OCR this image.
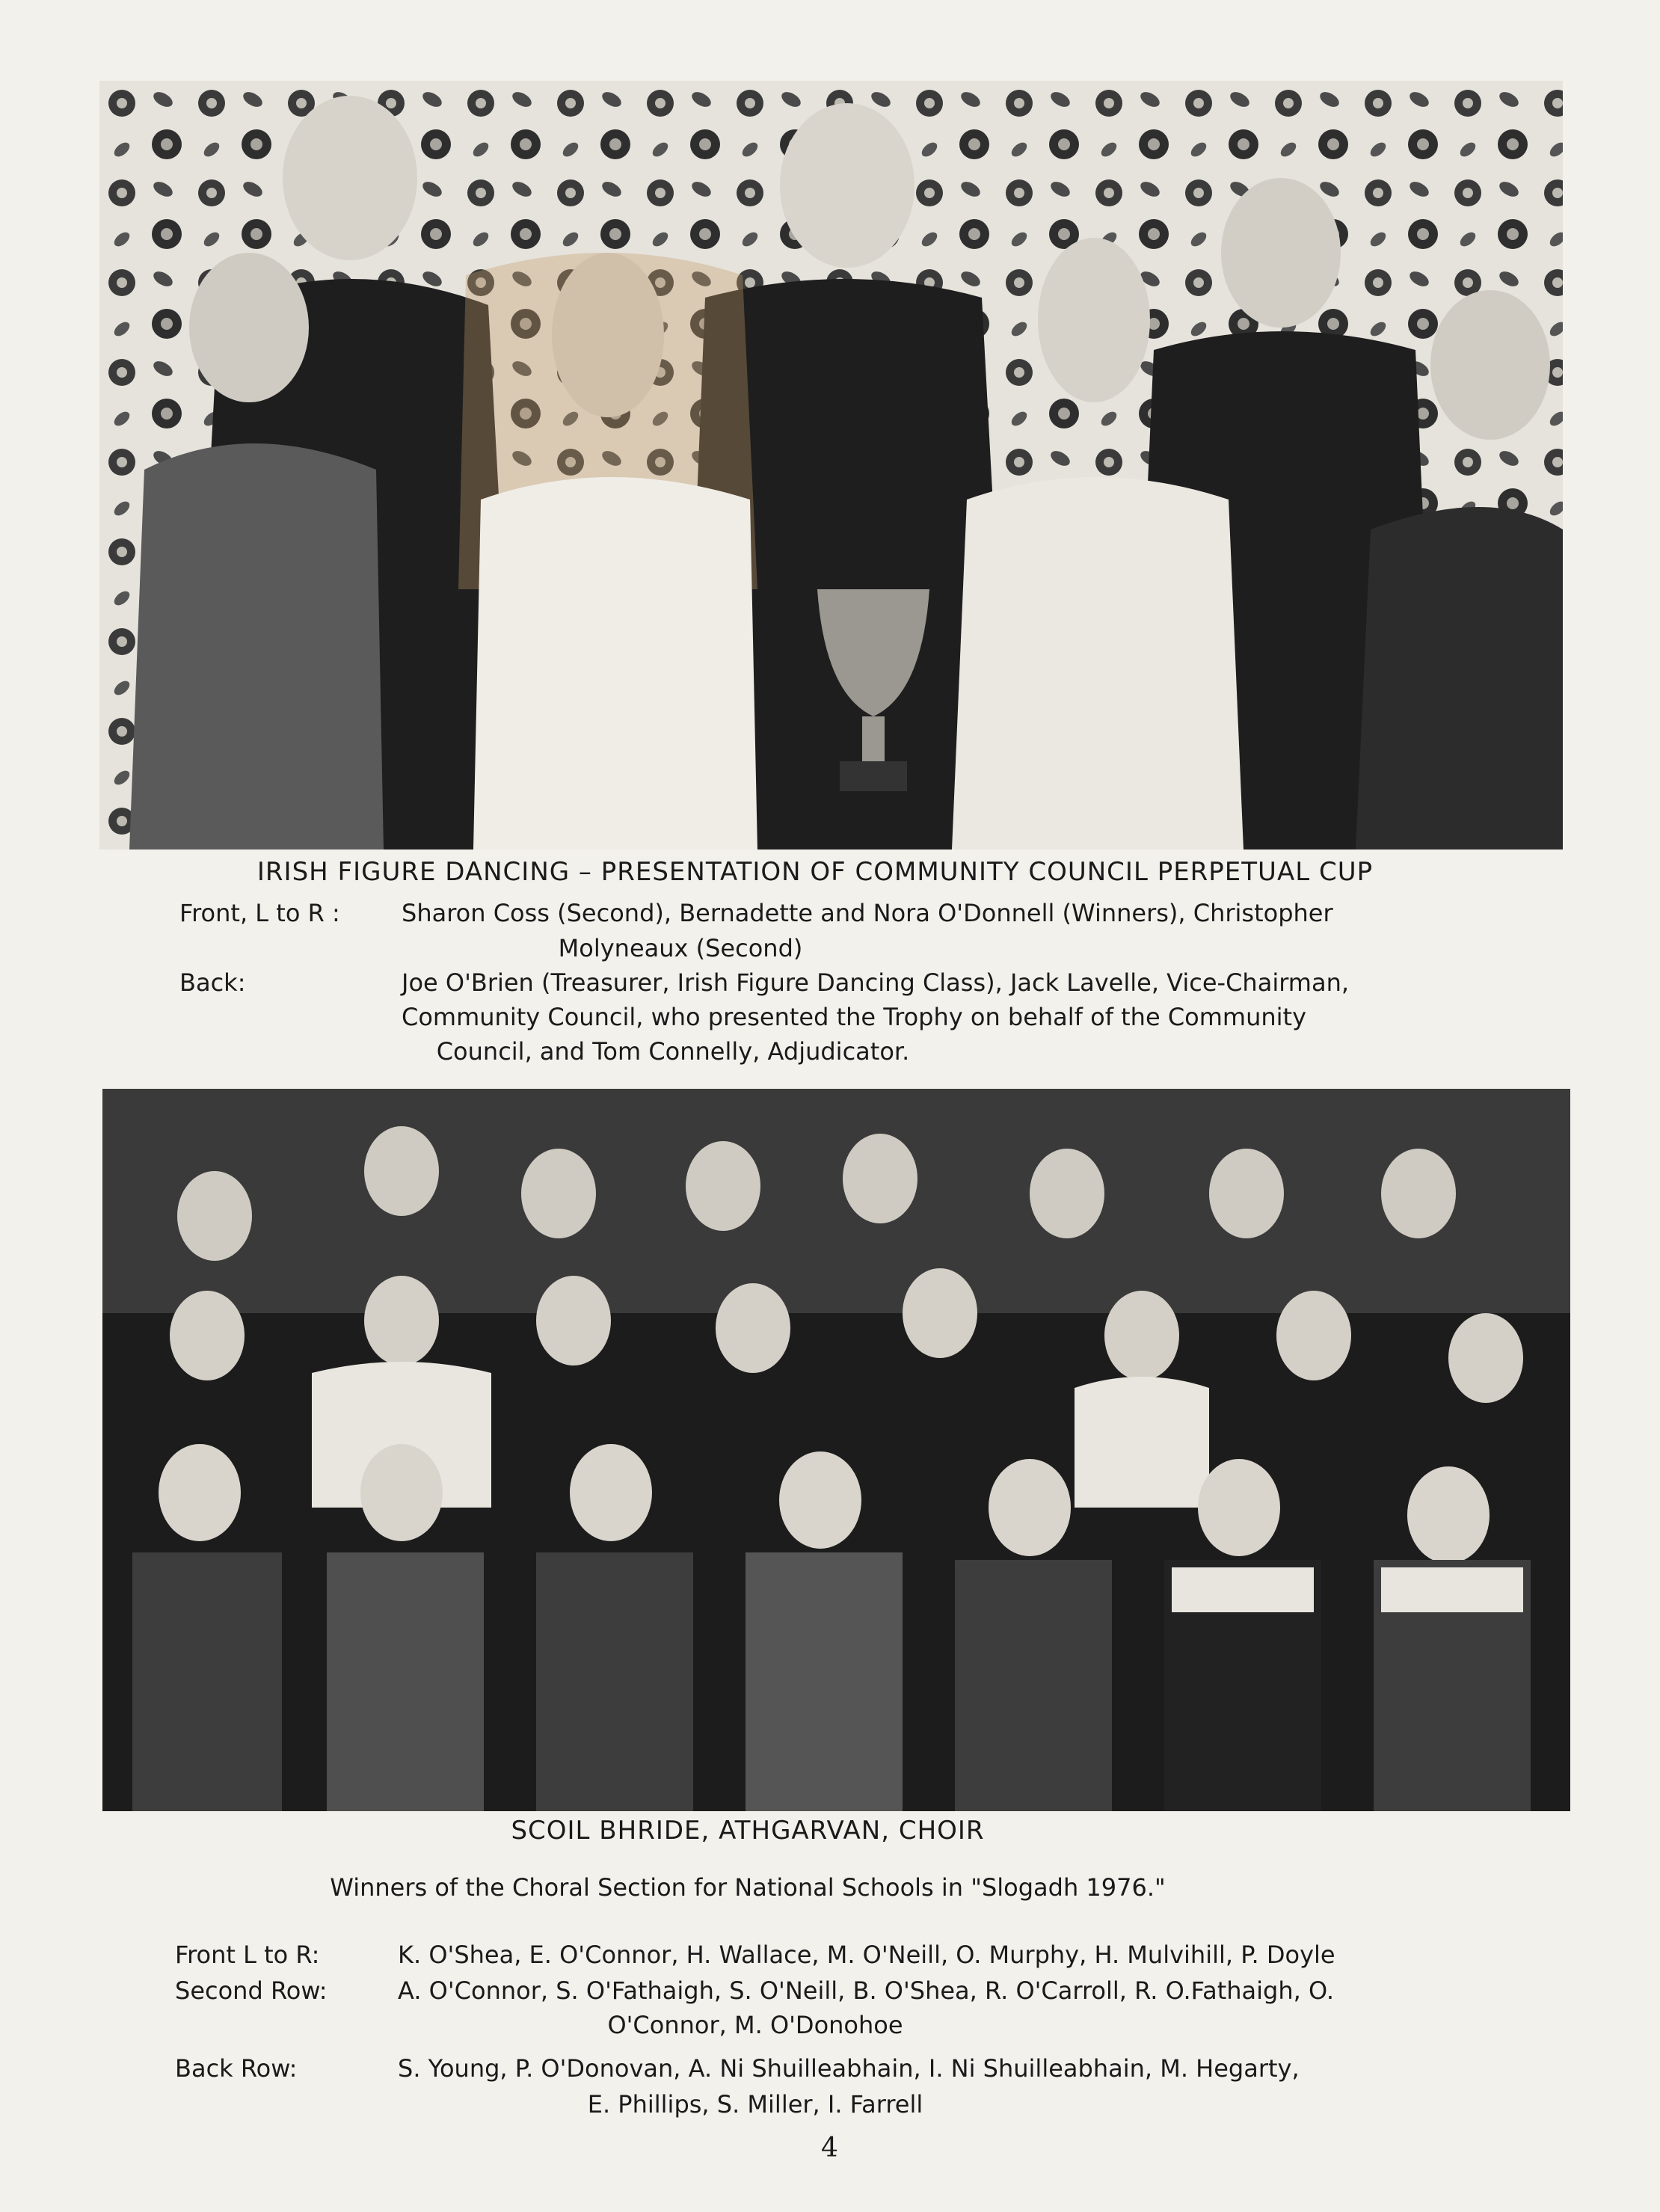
IRISH FIGURE DANCING – PRESENTATION OF COMMUNITY COUNCIL PERPETUAL CUP
Front, L to R :	Sharon Coss (Second), Bernadette and Nora O'Donnell (Winners), Christopher
Molyneaux (Second)
Back:	Joe O'Brien (Treasurer, Irish Figure Dancing Class), Jack Lavelle, Vice-Chairman,
Community Council, who presented the Trophy on behalf of the Community
Council, and Tom Connelly, Adjudicator.
SCOIL BHRIDE, ATHGARVAN, CHOIR
Winners of the Choral Section for National Schools in "Slogadh 1976."
Front L to R:	K. O'Shea, E. O'Connor, H. Wallace, M. O'Neill, O. Murphy, H. Mulvihill, P. Doyle
Second Row:	A. O'Connor, S. O'Fathaigh, S. O'Neill, B. O'Shea, R. O'Carroll, R. O.Fathaigh, O.
O'Connor, M. O'Donohoe
Back Row:	S. Young, P. O'Donovan, A. Ni Shuilleabhain, I. Ni Shuilleabhain, M. Hegarty,
E. Phillips, S. Miller, I. Farrell
4
